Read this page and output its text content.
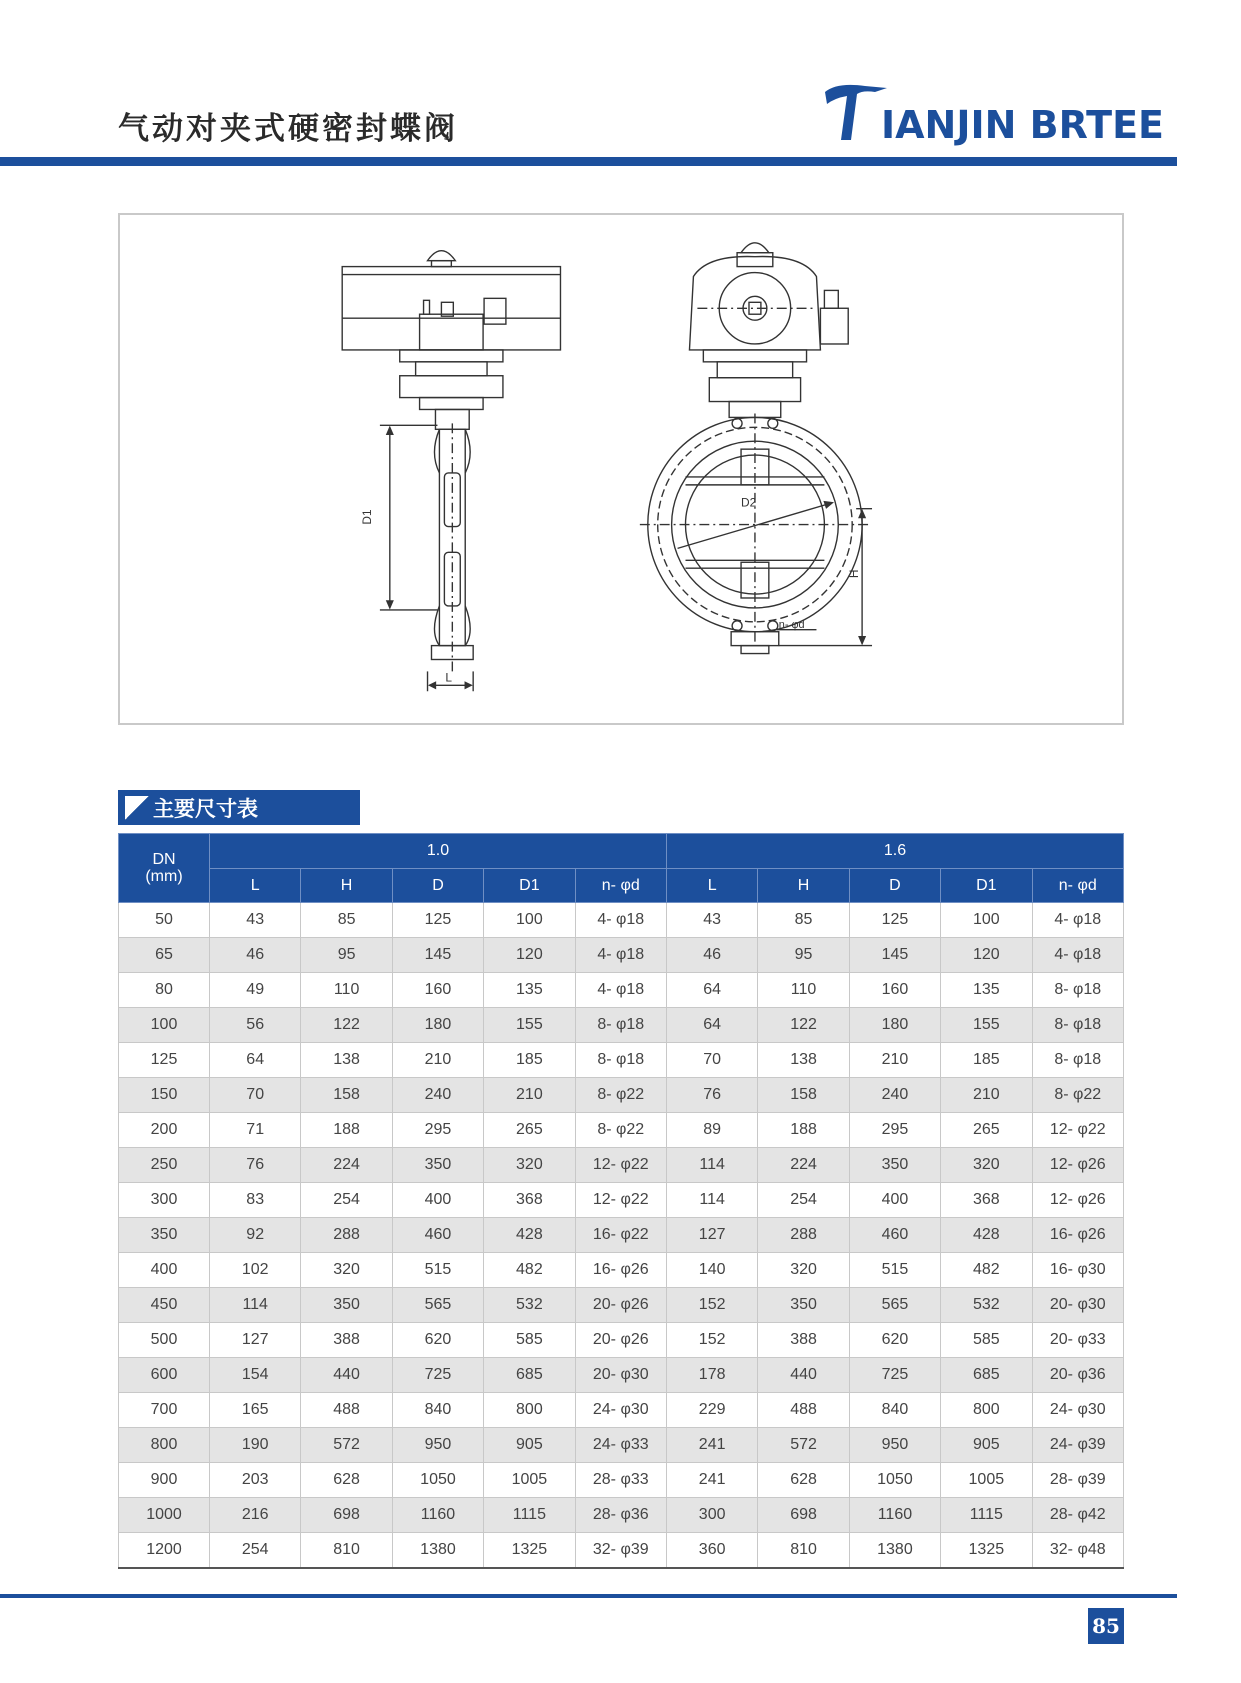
气动对夹式硬密封蝶阀	IANJIN BRTEE
D1
L
D2
H
n- φd
主要尺寸表
DN
(mm)	1.0					1.6				
	L	H	D	D1	n- φd	L	H	D	D1	n- φd
50	43	85	125	100	4- φ18	43	85	125	100	4- φ18
65	46	95	145	120	4- φ18	46	95	145	120	4- φ18
80	49	110	160	135	4- φ18	64	110	160	135	8- φ18
100	56	122	180	155	8- φ18	64	122	180	155	8- φ18
125	64	138	210	185	8- φ18	70	138	210	185	8- φ18
150	70	158	240	210	8- φ22	76	158	240	210	8- φ22
200	71	188	295	265	8- φ22	89	188	295	265	12- φ22
250	76	224	350	320	12- φ22	114	224	350	320	12- φ26
300	83	254	400	368	12- φ22	114	254	400	368	12- φ26
350	92	288	460	428	16- φ22	127	288	460	428	16- φ26
400	102	320	515	482	16- φ26	140	320	515	482	16- φ30
450	114	350	565	532	20- φ26	152	350	565	532	20- φ30
500	127	388	620	585	20- φ26	152	388	620	585	20- φ33
600	154	440	725	685	20- φ30	178	440	725	685	20- φ36
700	165	488	840	800	24- φ30	229	488	840	800	24- φ30
800	190	572	950	905	24- φ33	241	572	950	905	24- φ39
900	203	628	1050	1005	28- φ33	241	628	1050	1005	28- φ39
1000	216	698	1160	1115	28- φ36	300	698	1160	1115	28- φ42
1200	254	810	1380	1325	32- φ39	360	810	1380	1325	32- φ48
85
